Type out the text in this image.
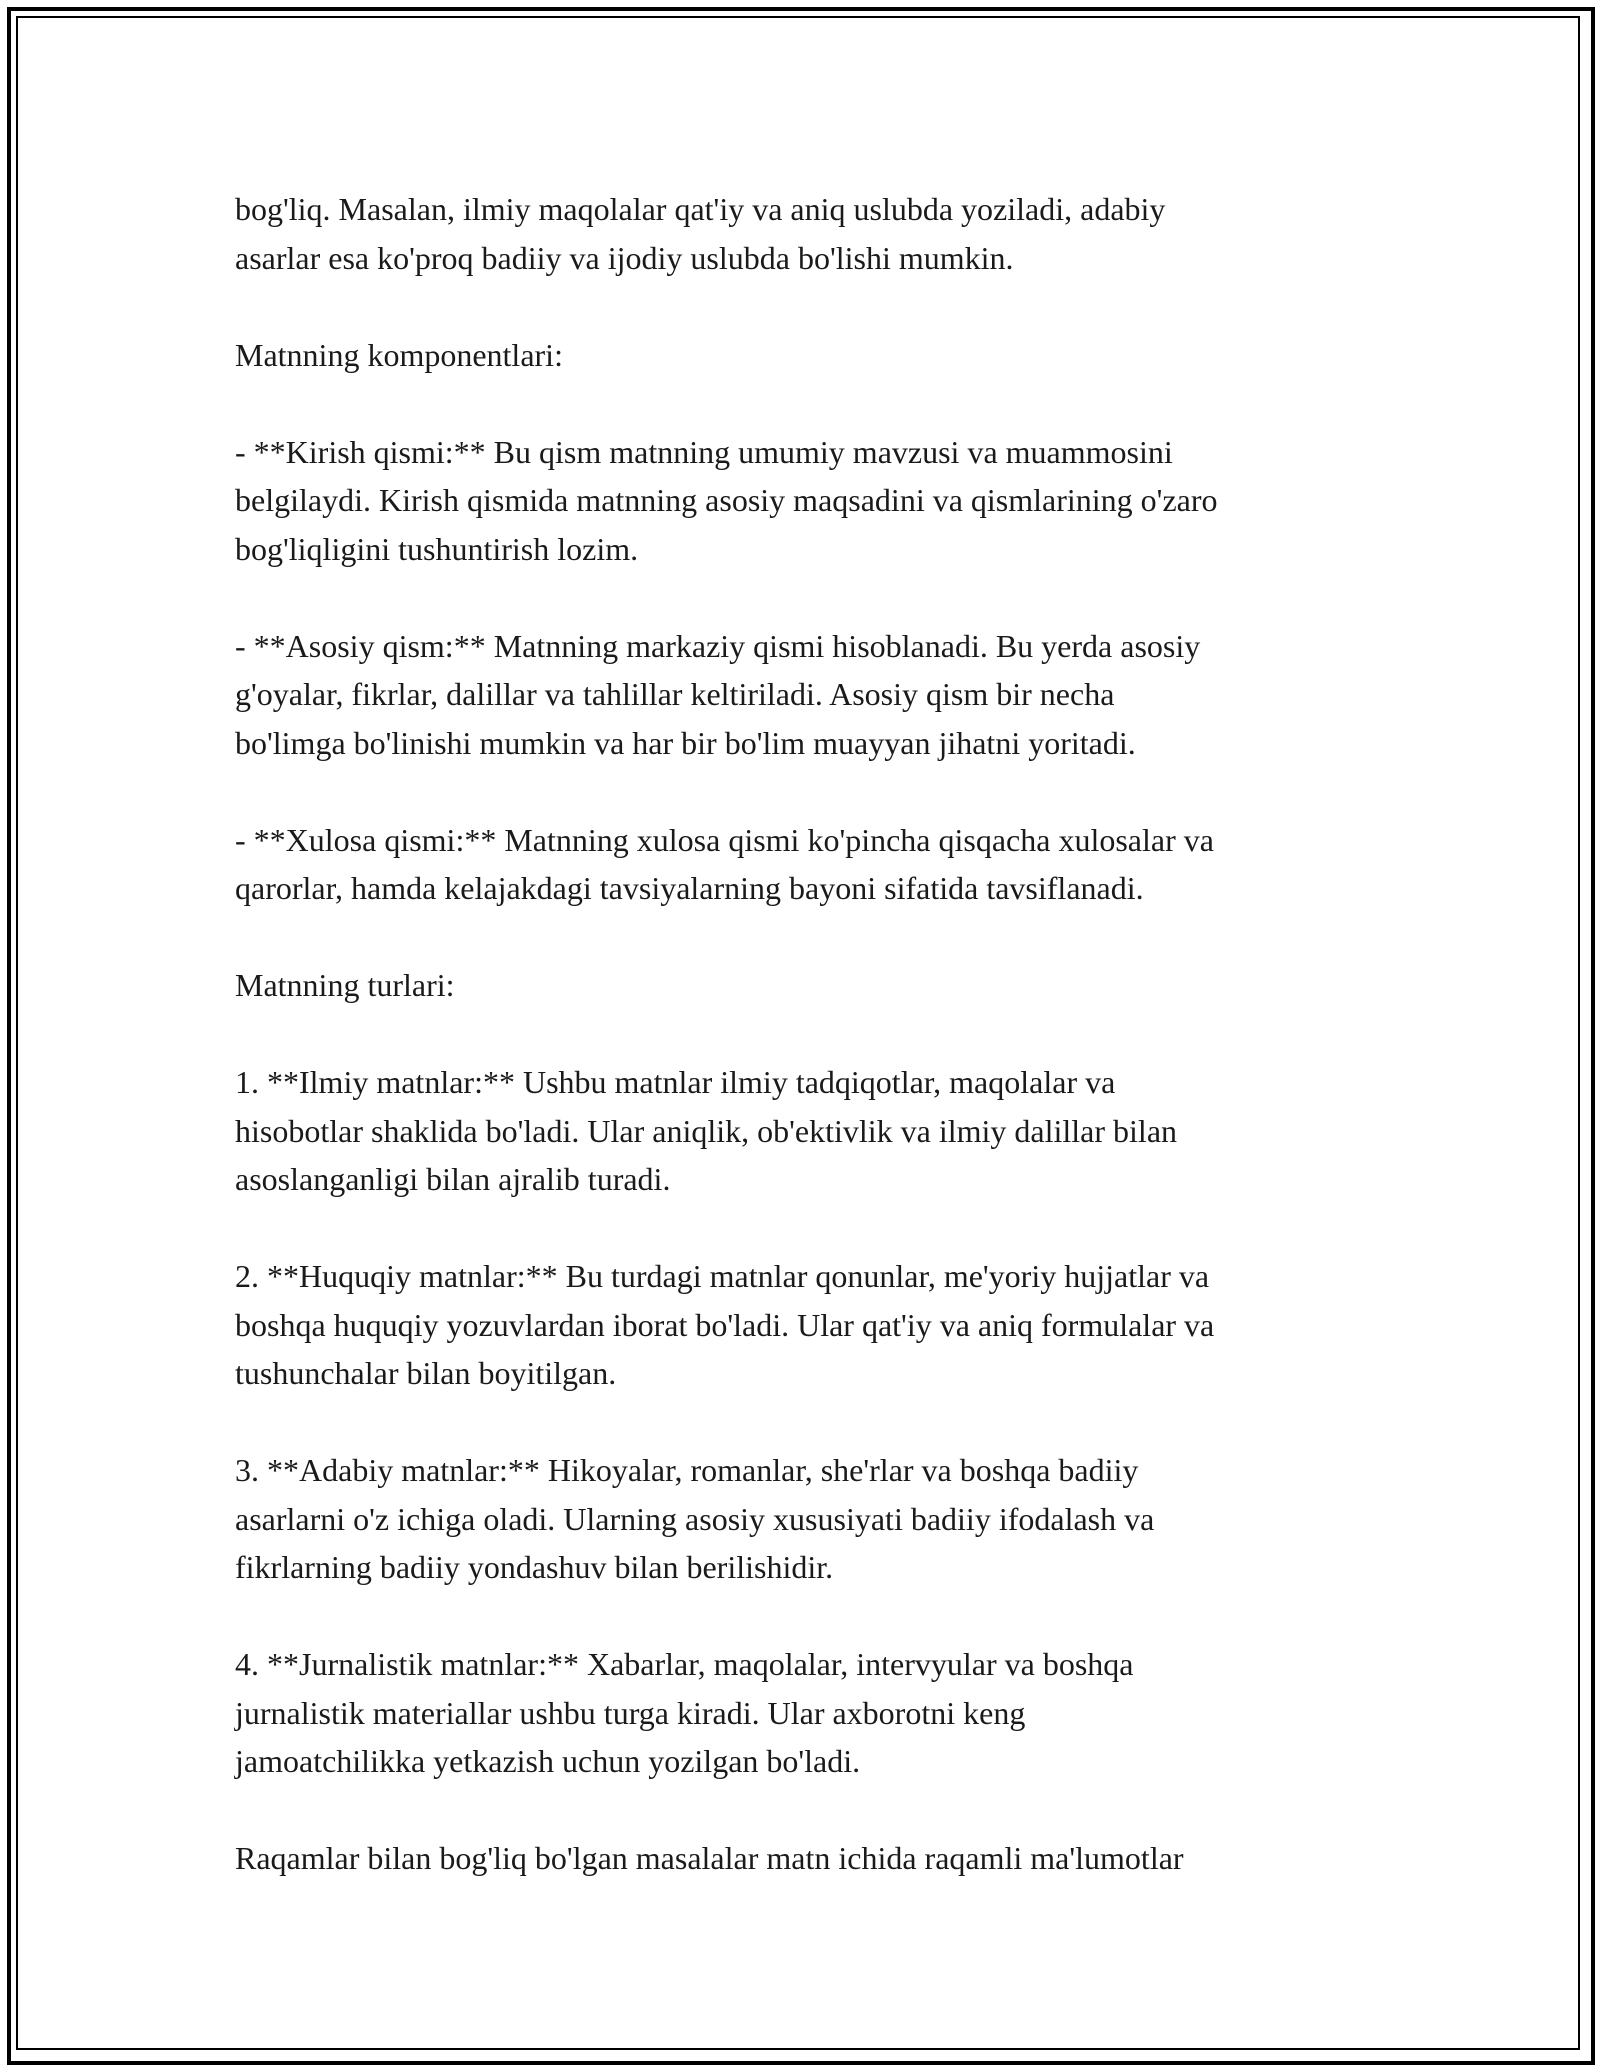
bog'liq. Masalan, ilmiy maqolalar qat'iy va aniq uslubda yoziladi, adabiy
asarlar esa ko'proq badiiy va ijodiy uslubda bo'lishi mumkin.
Matnning komponentlari:
- **Kirish qismi:** Bu qism matnning umumiy mavzusi va muammosini
belgilaydi. Kirish qismida matnning asosiy maqsadini va qismlarining o'zaro
bog'liqligini tushuntirish lozim.
- **Asosiy qism:** Matnning markaziy qismi hisoblanadi. Bu yerda asosiy
g'oyalar, fikrlar, dalillar va tahlillar keltiriladi. Asosiy qism bir necha
bo'limga bo'linishi mumkin va har bir bo'lim muayyan jihatni yoritadi.
- **Xulosa qismi:** Matnning xulosa qismi ko'pincha qisqacha xulosalar va
qarorlar, hamda kelajakdagi tavsiyalarning bayoni sifatida tavsiflanadi.
Matnning turlari:
1. **Ilmiy matnlar:** Ushbu matnlar ilmiy tadqiqotlar, maqolalar va
hisobotlar shaklida bo'ladi. Ular aniqlik, ob'ektivlik va ilmiy dalillar bilan
asoslanganligi bilan ajralib turadi.
2. **Huquqiy matnlar:** Bu turdagi matnlar qonunlar, me'yoriy hujjatlar va
boshqa huquqiy yozuvlardan iborat bo'ladi. Ular qat'iy va aniq formulalar va
tushunchalar bilan boyitilgan.
3. **Adabiy matnlar:** Hikoyalar, romanlar, she'rlar va boshqa badiiy
asarlarni o'z ichiga oladi. Ularning asosiy xususiyati badiiy ifodalash va
fikrlarning badiiy yondashuv bilan berilishidir.
4. **Jurnalistik matnlar:** Xabarlar, maqolalar, intervyular va boshqa
jurnalistik materiallar ushbu turga kiradi. Ular axborotni keng
jamoatchilikka yetkazish uchun yozilgan bo'ladi.
Raqamlar bilan bog'liq bo'lgan masalalar matn ichida raqamli ma'lumotlar
